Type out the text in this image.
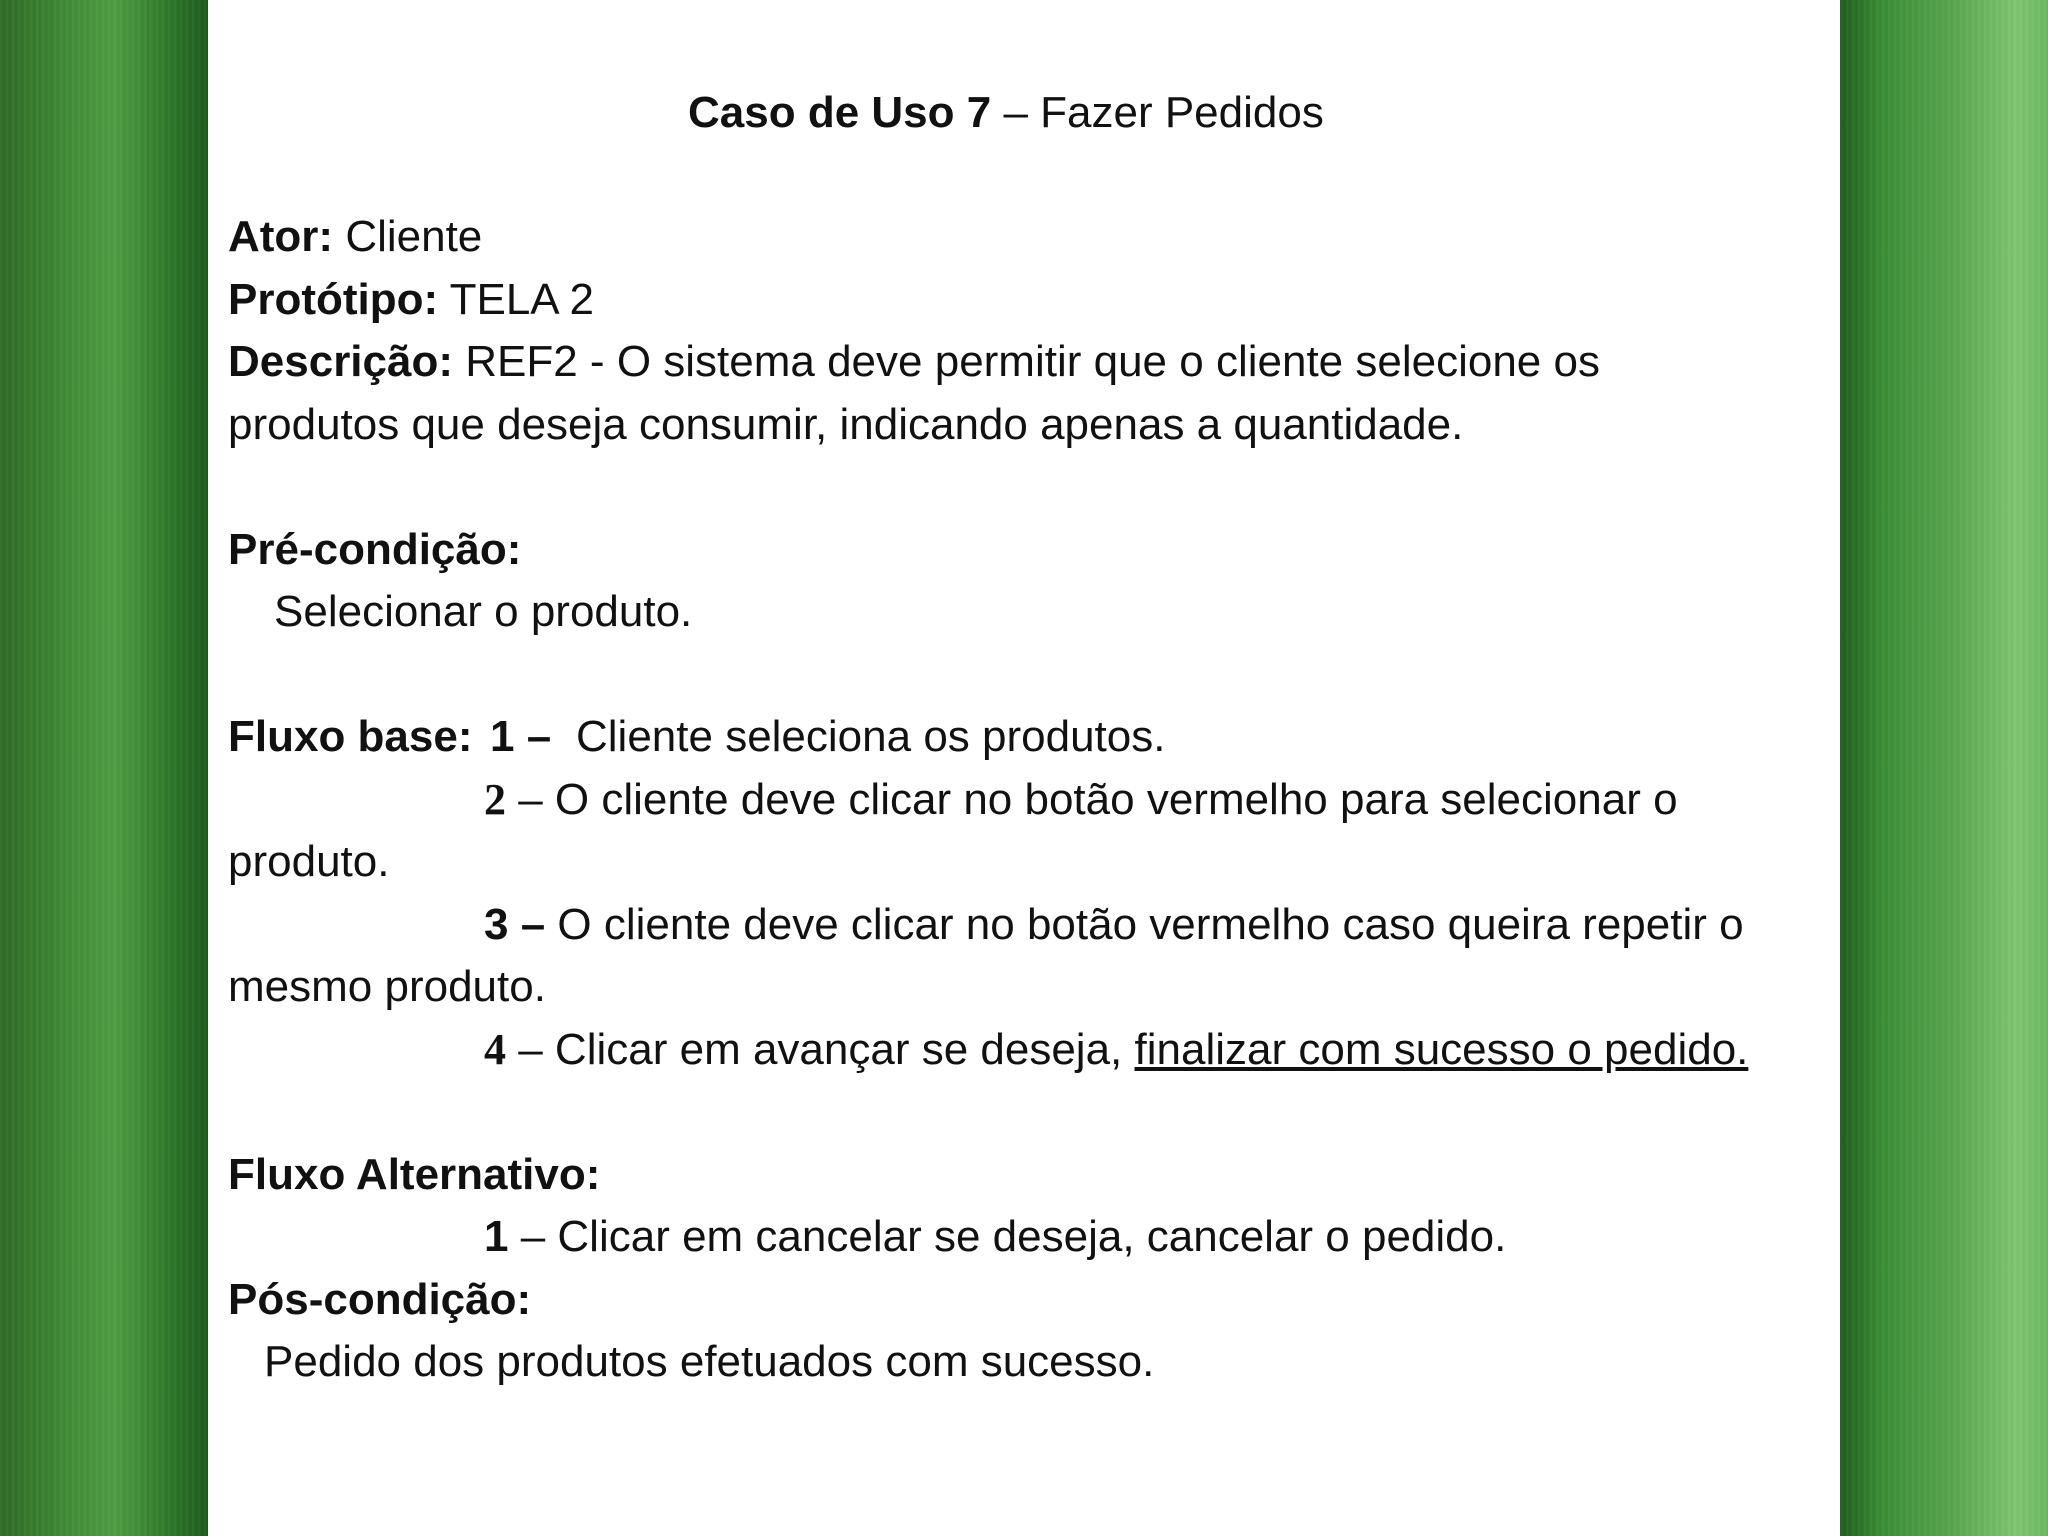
Caso de Uso 7 – Fazer Pedidos
Ator: Cliente
Protótipo: TELA 2
Descrição: REF2 - O sistema deve permitir que o cliente selecione os
produtos que deseja consumir, indicando apenas a quantidade.
Pré-condição:
Selecionar o produto.
Fluxo base: 1 – Cliente seleciona os produtos.
2 – O cliente deve clicar no botão vermelho para selecionar o
produto.
3 – O cliente deve clicar no botão vermelho caso queira repetir o
mesmo produto.
4 – Clicar em avançar se deseja, finalizar com sucesso o pedido.
Fluxo Alternativo:
1 – Clicar em cancelar se deseja, cancelar o pedido.
Pós-condição:
Pedido dos produtos efetuados com sucesso.
